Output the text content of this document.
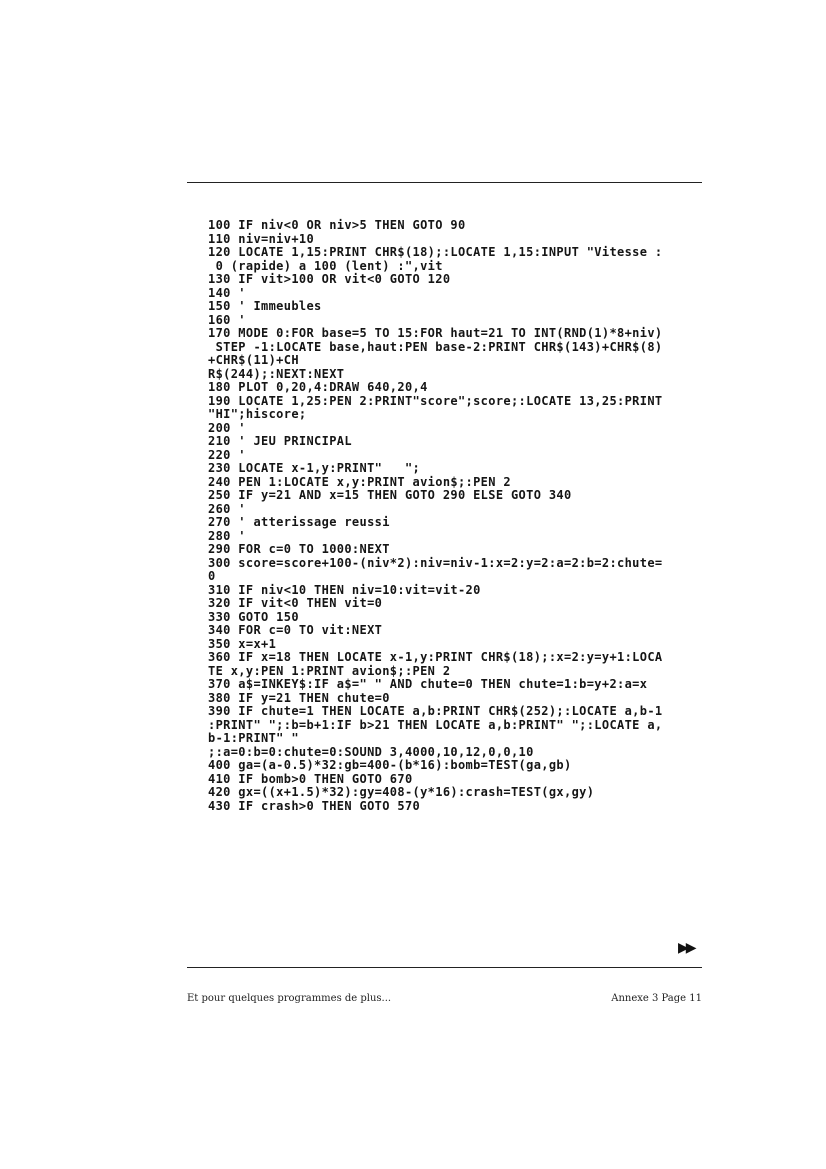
100 IF niv<0 OR niv>5 THEN GOTO 90
110 niv=niv+10
120 LOCATE 1,15:PRINT CHR$(18);:LOCATE 1,15:INPUT "Vitesse :
0 (rapide) a 100 (lent) :",vit
130 IF vit>100 OR vit<0 GOTO 120
140 '
150 ' Immeubles
160 '
170 MODE 0:FOR base=5 TO 15:FOR haut=21 TO INT(RND(1)*8+niv)
STEP -1:LOCATE base,haut:PEN base-2:PRINT CHR$(143)+CHR$(8)
+CHR$(11)+CH
R$(244);:NEXT:NEXT
180 PLOT 0,20,4:DRAW 640,20,4
190 LOCATE 1,25:PEN 2:PRINT"score";score;:LOCATE 13,25:PRINT
"HI";hiscore;
200 '
210 ' JEU PRINCIPAL
220 '
230 LOCATE x-1,y:PRINT"   ";
240 PEN 1:LOCATE x,y:PRINT avion$;:PEN 2
250 IF y=21 AND x=15 THEN GOTO 290 ELSE GOTO 340
260 '
270 ' atterissage reussi
280 '
290 FOR c=0 TO 1000:NEXT
300 score=score+100-(niv*2):niv=niv-1:x=2:y=2:a=2:b=2:chute=
0
310 IF niv<10 THEN niv=10:vit=vit-20
320 IF vit<0 THEN vit=0
330 GOTO 150
340 FOR c=0 TO vit:NEXT
350 x=x+1
360 IF x=18 THEN LOCATE x-1,y:PRINT CHR$(18);:x=2:y=y+1:LOCA
TE x,y:PEN 1:PRINT avion$;:PEN 2
370 a$=INKEY$:IF a$=" " AND chute=0 THEN chute=1:b=y+2:a=x
380 IF y=21 THEN chute=0
390 IF chute=1 THEN LOCATE a,b:PRINT CHR$(252);:LOCATE a,b-1
:PRINT" ";:b=b+1:IF b>21 THEN LOCATE a,b:PRINT" ";:LOCATE a,
b-1:PRINT" "
;:a=0:b=0:chute=0:SOUND 3,4000,10,12,0,0,10
400 ga=(a-0.5)*32:gb=400-(b*16):bomb=TEST(ga,gb)
410 IF bomb>0 THEN GOTO 670
420 gx=((x+1.5)*32):gy=408-(y*16):crash=TEST(gx,gy)
430 IF crash>0 THEN GOTO 570
▶▶
Et pour quelques programmes de plus...	Annexe 3 Page 11
